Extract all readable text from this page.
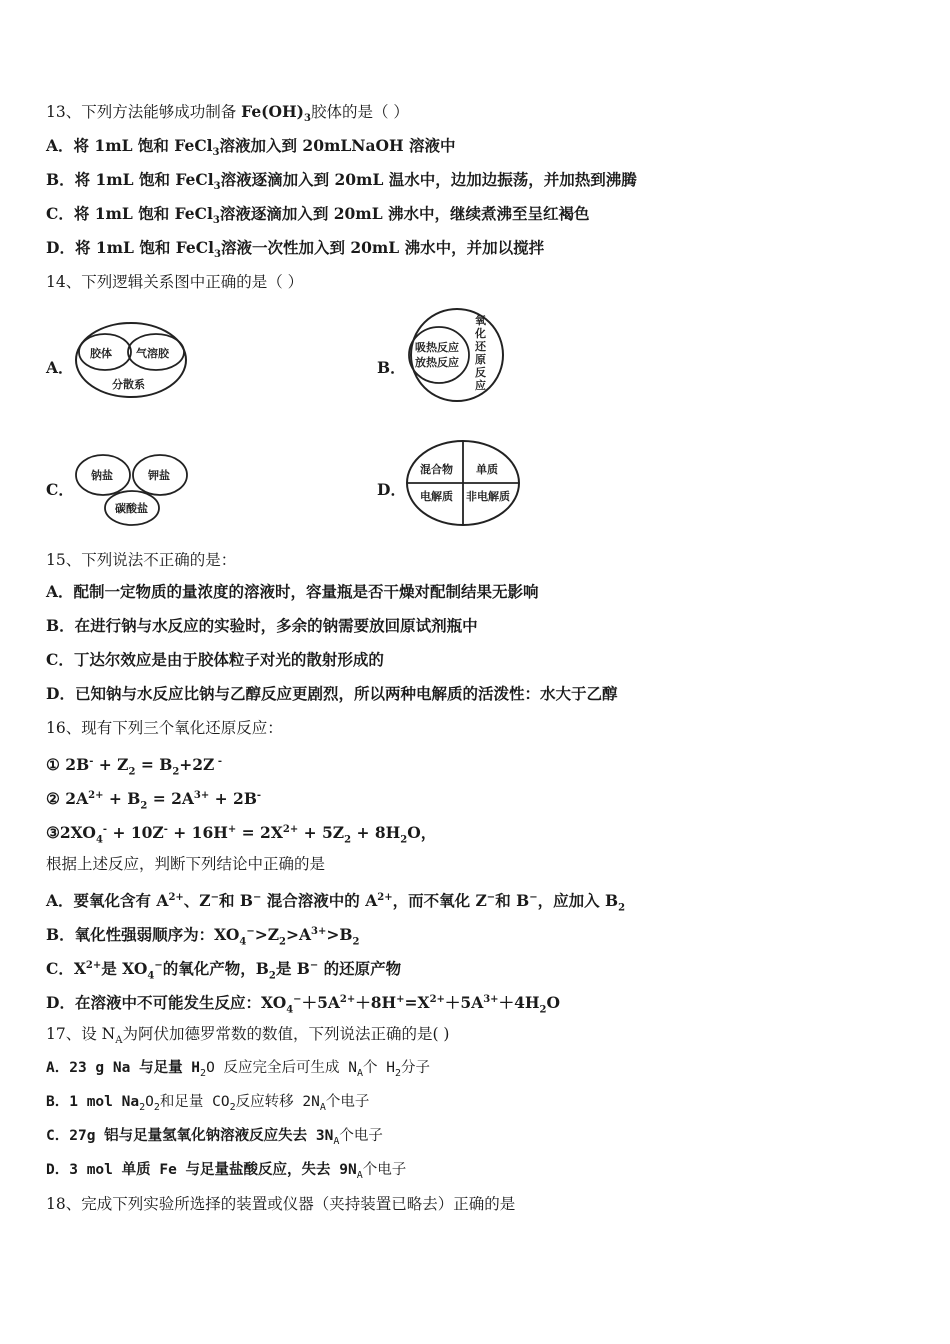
13、下列方法能够成功制备 $Fe(OH)_3$胶体的是（ ）
A．将 1mL 饱和 FeCl$_3$溶液加入到 20mLNaOH 溶液中
B．将 1mL 饱和 FeCl$_3$溶液逐滴加入到 20mL 温水中，边加边振荡，并加热到沸腾
C．将 1mL 饱和 FeCl$_3$溶液逐滴加入到 20mL 沸水中，继续煮沸至呈红褐色
D．将 1mL 饱和 FeCl$_3$溶液一次性加入到 20mL 沸水中，并加以搅拌
14、下列逻辑关系图中正确的是（ ）
A．
胶体 气溶胶
分散系
B．
吸热反应
放热反应
氧
化
还
原
反
应
C．
钠盐	钾盐
碳酸盐
D．
混合物 单质
电解质 非电解质
15、下列说法不正确的是：
A．配制一定物质的量浓度的溶液时，容量瓶是否干燥对配制结果无影响
B．在进行钠与水反应的实验时，多余的钠需要放回原试剂瓶中
C．丁达尔效应是由于胶体粒子对光的散射形成的
D．已知钠与水反应比钠与乙醇反应更剧烈，所以两种电解质的活泼性：水大于乙醇
16、现有下列三个氧化还原反应：
① $2B^- + Z_2 = B_2+2Z$ -
② $2A^{2+} + B_2 = 2A^{3+} + 2B^-$
$③2XO_4^- + 10Z^- + 16H^+ = 2X^{2+} + 5Z_2 + 8H_2O$，
根据上述反应，判断下列结论中正确的是
A．要氧化含有 $A^{2+}$、Z−和 B− 混合溶液中的 $A^{2+}$，而不氧化 Z−和 B−，应加入 $B_2$
B．氧化性强弱顺序为：$XO_4^->Z_2>A^{3+}>B_2$
C．$X^{2+}$是 $XO_4^-$的氧化产物，$B_2$是 B− 的还原产物
D．在溶液中不可能发生反应：$XO_4^-+5A^{2+}+8H^+=X^{2+}+5A^{3+}+4H_2O$
17、设 $N_A$为阿伏加德罗常数的数值，下列说法正确的是( )
A．23 g Na 与足量 $H_2O$ 反应完全后可生成 $N_A$个 $H_2$分子
B．1 mol $Na_2O_2$和足量 $CO_2$反应转移 $2N_A$个电子
C．27g 铝与足量氢氧化钠溶液反应失去 $3N_A$个电子
D．3 mol 单质 Fe 与足量盐酸反应，失去 $9N_A$个电子
18、完成下列实验所选择的装置或仪器（夹持装置已略去）正确的是
